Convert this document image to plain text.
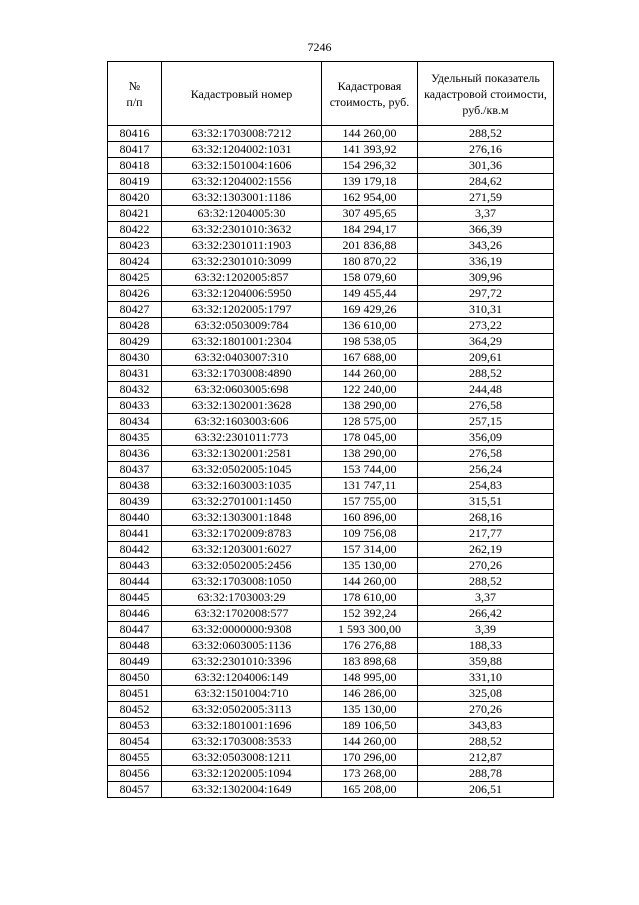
7246
№
п/п	Кадастровый номер	Кадастровая стоимость, руб.	Удельный показатель кадастровой стоимости, руб./кв.м
80416	63:32:1703008:7212	144 260,00	288,52
80417	63:32:1204002:1031	141 393,92	276,16
80418	63:32:1501004:1606	154 296,32	301,36
80419	63:32:1204002:1556	139 179,18	284,62
80420	63:32:1303001:1186	162 954,00	271,59
80421	63:32:1204005:30	307 495,65	3,37
80422	63:32:2301010:3632	184 294,17	366,39
80423	63:32:2301011:1903	201 836,88	343,26
80424	63:32:2301010:3099	180 870,22	336,19
80425	63:32:1202005:857	158 079,60	309,96
80426	63:32:1204006:5950	149 455,44	297,72
80427	63:32:1202005:1797	169 429,26	310,31
80428	63:32:0503009:784	136 610,00	273,22
80429	63:32:1801001:2304	198 538,05	364,29
80430	63:32:0403007:310	167 688,00	209,61
80431	63:32:1703008:4890	144 260,00	288,52
80432	63:32:0603005:698	122 240,00	244,48
80433	63:32:1302001:3628	138 290,00	276,58
80434	63:32:1603003:606	128 575,00	257,15
80435	63:32:2301011:773	178 045,00	356,09
80436	63:32:1302001:2581	138 290,00	276,58
80437	63:32:0502005:1045	153 744,00	256,24
80438	63:32:1603003:1035	131 747,11	254,83
80439	63:32:2701001:1450	157 755,00	315,51
80440	63:32:1303001:1848	160 896,00	268,16
80441	63:32:1702009:8783	109 756,08	217,77
80442	63:32:1203001:6027	157 314,00	262,19
80443	63:32:0502005:2456	135 130,00	270,26
80444	63:32:1703008:1050	144 260,00	288,52
80445	63:32:1703003:29	178 610,00	3,37
80446	63:32:1702008:577	152 392,24	266,42
80447	63:32:0000000:9308	1 593 300,00	3,39
80448	63:32:0603005:1136	176 276,88	188,33
80449	63:32:2301010:3396	183 898,68	359,88
80450	63:32:1204006:149	148 995,00	331,10
80451	63:32:1501004:710	146 286,00	325,08
80452	63:32:0502005:3113	135 130,00	270,26
80453	63:32:1801001:1696	189 106,50	343,83
80454	63:32:1703008:3533	144 260,00	288,52
80455	63:32:0503008:1211	170 296,00	212,87
80456	63:32:1202005:1094	173 268,00	288,78
80457	63:32:1302004:1649	165 208,00	206,51
